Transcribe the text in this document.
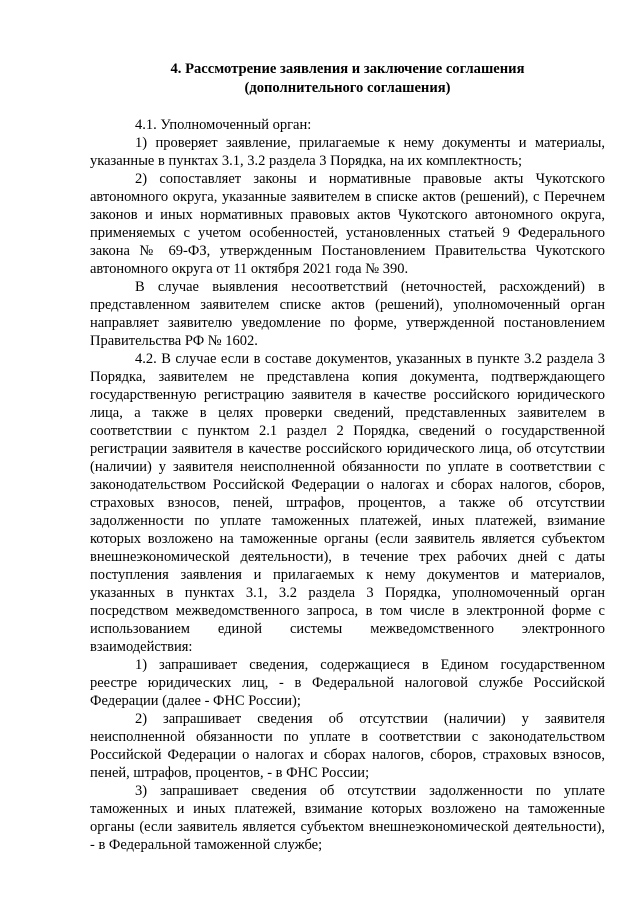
4. Рассмотрение заявления и заключение соглашения
(дополнительного соглашения)

4.1. Уполномоченный орган:

1) проверяет заявление, прилагаемые к нему документы и материалы, указанные в пунктах 3.1, 3.2 раздела 3 Порядка, на их комплектность;

2) сопоставляет законы и нормативные правовые акты Чукотского автономного округа, указанные заявителем в списке актов (решений), с Перечнем законов и иных нормативных правовых актов Чукотского автономного округа, применяемых с учетом особенностей, установленных статьей 9 Федерального закона № 69-ФЗ, утвержденным Постановлением Правительства Чукотского автономного округа от 11 октября 2021 года № 390.

В случае выявления несоответствий (неточностей, расхождений) в представленном заявителем списке актов (решений), уполномоченный орган направляет заявителю уведомление по форме, утвержденной постановлением Правительства РФ № 1602.

4.2. В случае если в составе документов, указанных в пункте 3.2 раздела 3 Порядка, заявителем не представлена копия документа, подтверждающего государственную регистрацию заявителя в качестве российского юридического лица, а также в целях проверки сведений, представленных заявителем в соответствии с пунктом 2.1 раздел 2 Порядка, сведений о государственной регистрации заявителя в качестве российского юридического лица, об отсутствии (наличии) у заявителя неисполненной обязанности по уплате в соответствии с законодательством Российской Федерации о налогах и сборах налогов, сборов, страховых взносов, пеней, штрафов, процентов, а также об отсутствии задолженности по уплате таможенных платежей, иных платежей, взимание которых возложено на таможенные органы (если заявитель является субъектом внешнеэкономической деятельности), в течение трех рабочих дней с даты поступления заявления и прилагаемых к нему документов и материалов, указанных в пунктах 3.1, 3.2 раздела 3 Порядка, уполномоченный орган посредством межведомственного запроса, в том числе в электронной форме с использованием единой системы межведомственного электронного взаимодействия:

1) запрашивает сведения, содержащиеся в Едином государственном реестре юридических лиц, - в Федеральной налоговой службе Российской Федерации (далее - ФНС России);

2) запрашивает сведения об отсутствии (наличии) у заявителя неисполненной обязанности по уплате в соответствии с законодательством Российской Федерации о налогах и сборах налогов, сборов, страховых взносов, пеней, штрафов, процентов, - в ФНС России;

3) запрашивает сведения об отсутствии задолженности по уплате таможенных и иных платежей, взимание которых возложено на таможенные органы (если заявитель является субъектом внешнеэкономической деятельности), - в Федеральной таможенной службе;
